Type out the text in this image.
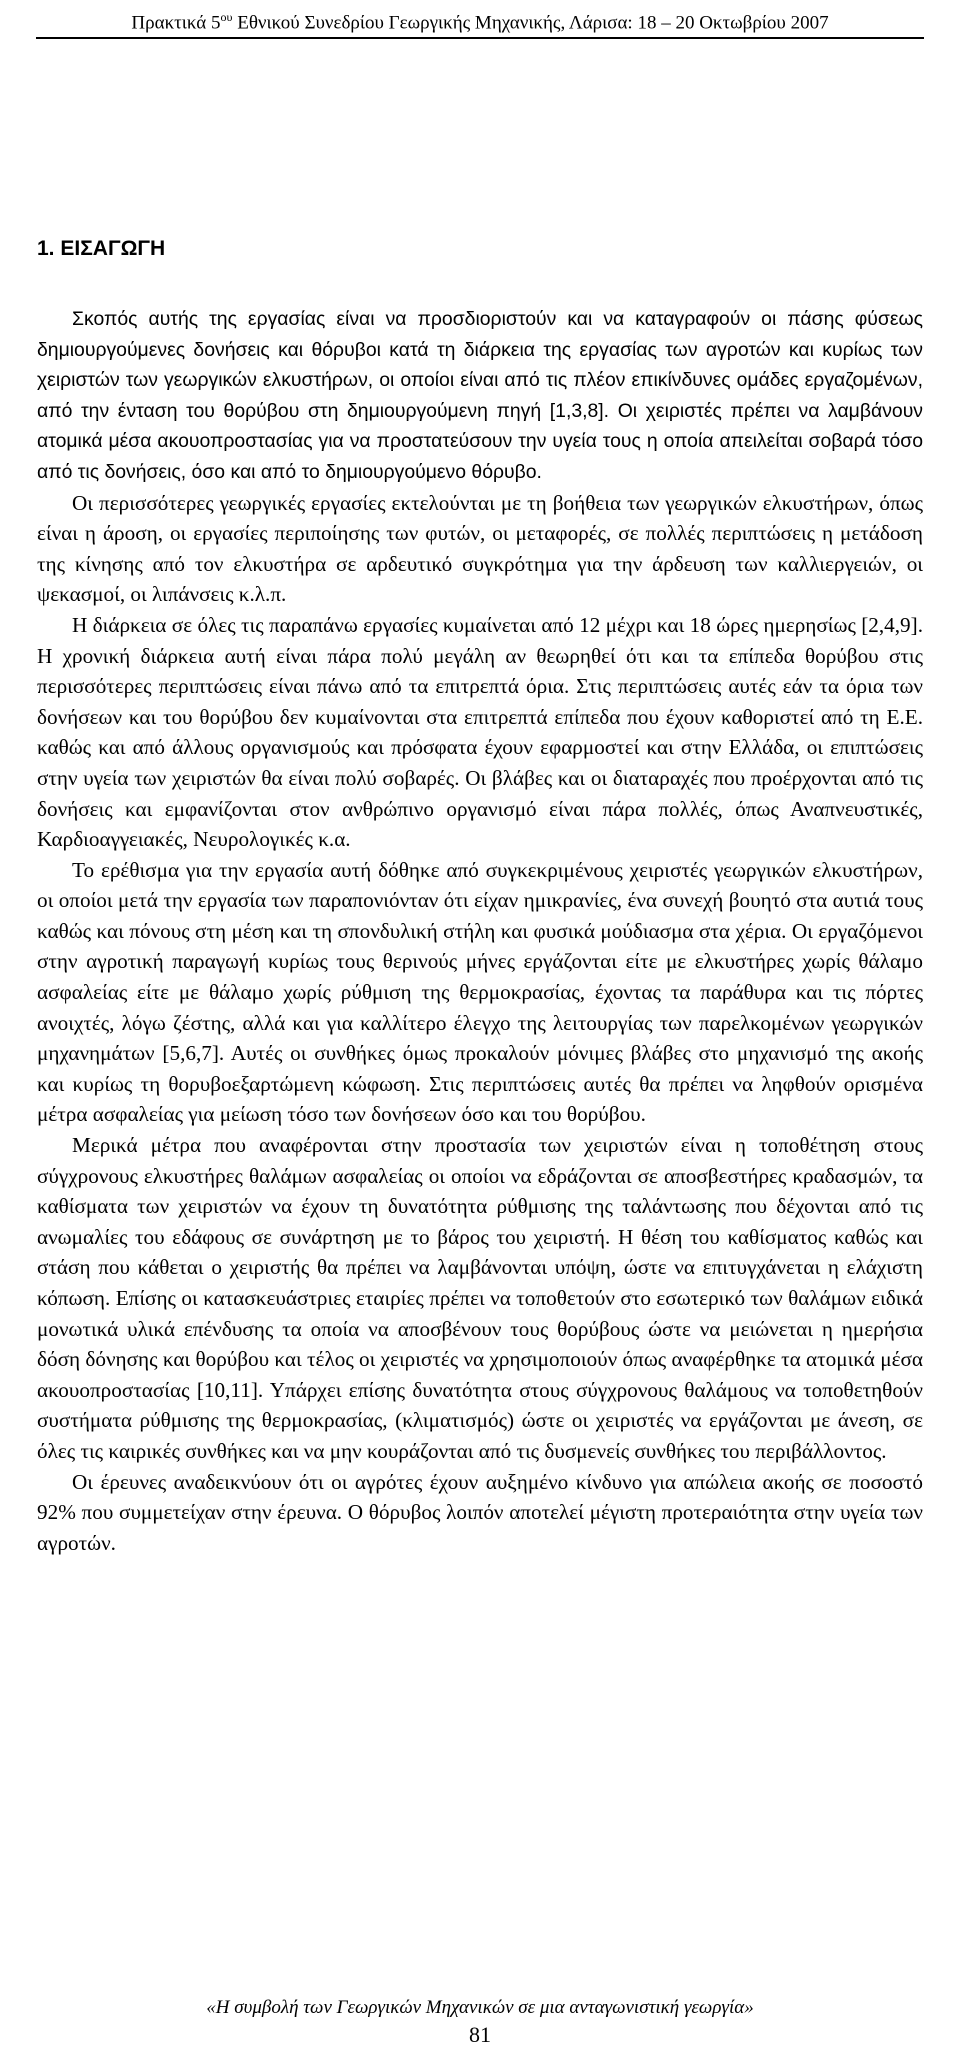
Πρακτικά $5^{o\upsilon}$ Εθνικού Συνεδρίου Γεωργικής Μηχανικής, Λάρισα: 18 – 20 Οκτωβρίου 2007
1. ΕΙΣΑΓΩΓΗ

Σκοπός αυτής της εργασίας είναι να προσδιοριστούν και να καταγραφούν οι πάσης φύσεως δημιουργούμενες δονήσεις και θόρυβοι κατά τη διάρκεια της εργασίας των αγροτών και κυρίως των χειριστών των γεωργικών ελκυστήρων, οι οποίοι είναι από τις πλέον επικίνδυνες ομάδες εργαζομένων, από την ένταση του θορύβου στη δημιουργούμενη πηγή [1,3,8]. Οι χειριστές πρέπει να λαμβάνουν ατομικά μέσα ακουοπροστασίας για να προστατεύσουν την υγεία τους η οποία απειλείται σοβαρά τόσο από τις δονήσεις, όσο και από το δημιουργούμενο θόρυβο.

Οι περισσότερες γεωργικές εργασίες εκτελούνται με τη βοήθεια των γεωργικών ελκυστήρων, όπως είναι η άροση, οι εργασίες περιποίησης των φυτών, οι μεταφορές, σε πολλές περιπτώσεις η μετάδοση της κίνησης από τον ελκυστήρα σε αρδευτικό συγκρότημα για την άρδευση των καλλιεργειών, οι ψεκασμοί, οι λιπάνσεις κ.λ.π.

Η διάρκεια σε όλες τις παραπάνω εργασίες κυμαίνεται από 12 μέχρι και 18 ώρες ημερησίως [2,4,9]. Η χρονική διάρκεια αυτή είναι πάρα πολύ μεγάλη αν θεωρηθεί ότι και τα επίπεδα θορύβου στις περισσότερες περιπτώσεις είναι πάνω από τα επιτρεπτά όρια. Στις περιπτώσεις αυτές εάν τα όρια των δονήσεων και του θορύβου δεν κυμαίνονται στα επιτρεπτά επίπεδα που έχουν καθοριστεί από τη Ε.Ε. καθώς και από άλλους οργανισμούς και πρόσφατα έχουν εφαρμοστεί και στην Ελλάδα, οι επιπτώσεις στην υγεία των χειριστών θα είναι πολύ σοβαρές. Οι βλάβες και οι διαταραχές που προέρχονται από τις δονήσεις και εμφανίζονται στον ανθρώπινο οργανισμό είναι πάρα πολλές, όπως Αναπνευστικές, Καρδιοαγγειακές, Νευρολογικές κ.α.

Το ερέθισμα για την εργασία αυτή δόθηκε από συγκεκριμένους χειριστές γεωργικών ελκυστήρων, οι οποίοι μετά την εργασία των παραπονιόνταν ότι είχαν ημικρανίες, ένα συνεχή βουητό στα αυτιά τους καθώς και πόνους στη μέση και τη σπονδυλική στήλη και φυσικά μούδιασμα στα χέρια. Οι εργαζόμενοι στην αγροτική παραγωγή κυρίως τους θερινούς μήνες εργάζονται είτε με ελκυστήρες χωρίς θάλαμο ασφαλείας είτε με θάλαμο χωρίς ρύθμιση της θερμοκρασίας, έχοντας τα παράθυρα και τις πόρτες ανοιχτές, λόγω ζέστης, αλλά και για καλλίτερο έλεγχο της λειτουργίας των παρελκομένων γεωργικών μηχανημάτων [5,6,7]. Αυτές οι συνθήκες όμως προκαλούν μόνιμες βλάβες στο μηχανισμό της ακοής και κυρίως τη θορυβοεξαρτώμενη κώφωση. Στις περιπτώσεις αυτές θα πρέπει να ληφθούν ορισμένα μέτρα ασφαλείας για μείωση τόσο των δονήσεων όσο και του θορύβου.

Μερικά μέτρα που αναφέρονται στην προστασία των χειριστών είναι η τοποθέτηση στους σύγχρονους ελκυστήρες θαλάμων ασφαλείας οι οποίοι να εδράζονται σε αποσβεστήρες κραδασμών, τα καθίσματα των χειριστών να έχουν τη δυνατότητα ρύθμισης της ταλάντωσης που δέχονται από τις ανωμαλίες του εδάφους σε συνάρτηση με το βάρος του χειριστή. Η θέση του καθίσματος καθώς και στάση που κάθεται ο χειριστής θα πρέπει να λαμβάνονται υπόψη, ώστε να επιτυγχάνεται η ελάχιστη κόπωση. Επίσης οι κατασκευάστριες εταιρίες πρέπει να τοποθετούν στο εσωτερικό των θαλάμων ειδικά μονωτικά υλικά επένδυσης τα οποία να αποσβένουν τους θορύβους ώστε να μειώνεται η ημερήσια δόση δόνησης και θορύβου και τέλος οι χειριστές να χρησιμοποιούν όπως αναφέρθηκε τα ατομικά μέσα ακουοπροστασίας [10,11]. Υπάρχει επίσης δυνατότητα στους σύγχρονους θαλάμους να τοποθετηθούν συστήματα ρύθμισης της θερμοκρασίας, (κλιματισμός) ώστε οι χειριστές να εργάζονται με άνεση, σε όλες τις καιρικές συνθήκες και να μην κουράζονται από τις δυσμενείς συνθήκες του περιβάλλοντος.

Οι έρευνες αναδεικνύουν ότι οι αγρότες έχουν αυξημένο κίνδυνο για απώλεια ακοής σε ποσοστό 92% που συμμετείχαν στην έρευνα. Ο θόρυβος λοιπόν αποτελεί μέγιστη προτεραιότητα στην υγεία των αγροτών.

«Η συμβολή των Γεωργικών Μηχανικών σε μια ανταγωνιστική γεωργία»
81
